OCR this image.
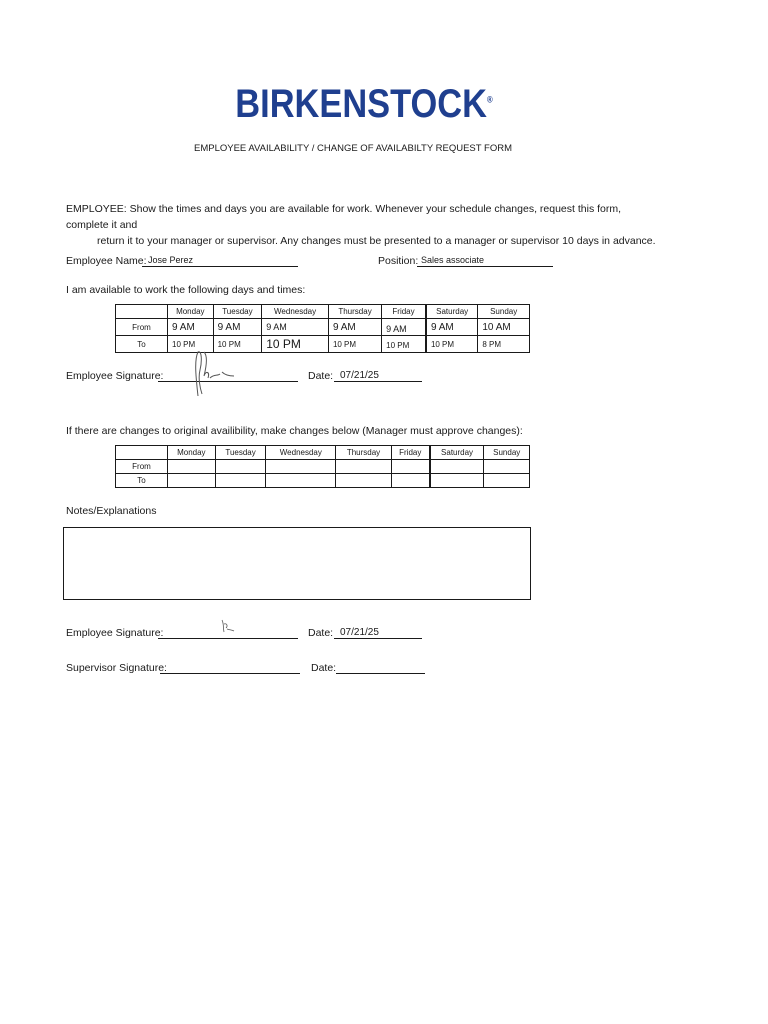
BIRKENSTOCK®
EMPLOYEE AVAILABILITY / CHANGE OF AVAILABILTY REQUEST FORM
EMPLOYEE: Show the times and days you are available for work. Whenever your schedule changes, request this form, complete it and
return it to your manager or supervisor. Any changes must be presented to a manager or supervisor 10 days in advance.
Employee Name: Jose Perez	Position: Sales associate
I am available to work the following days and times:
	Monday	Tuesday	Wednesday	Thursday	Friday	Saturday	Sunday
From	9 AM	9 AM	9 AM	9 AM	9 AM	9 AM	10 AM
To	10 PM	10 PM	10 PM	10 PM	10 PM	10 PM	8 PM
Employee Signature:	Date: 07/21/25
If there are changes to original availibility, make changes below (Manager must approve changes):
	Monday	Tuesday	Wednesday	Thursday	Friday	Saturday	Sunday
From							
To							
Notes/Explanations
Employee Signature:	Date: 07/21/25
Supervisor Signature:	Date:
